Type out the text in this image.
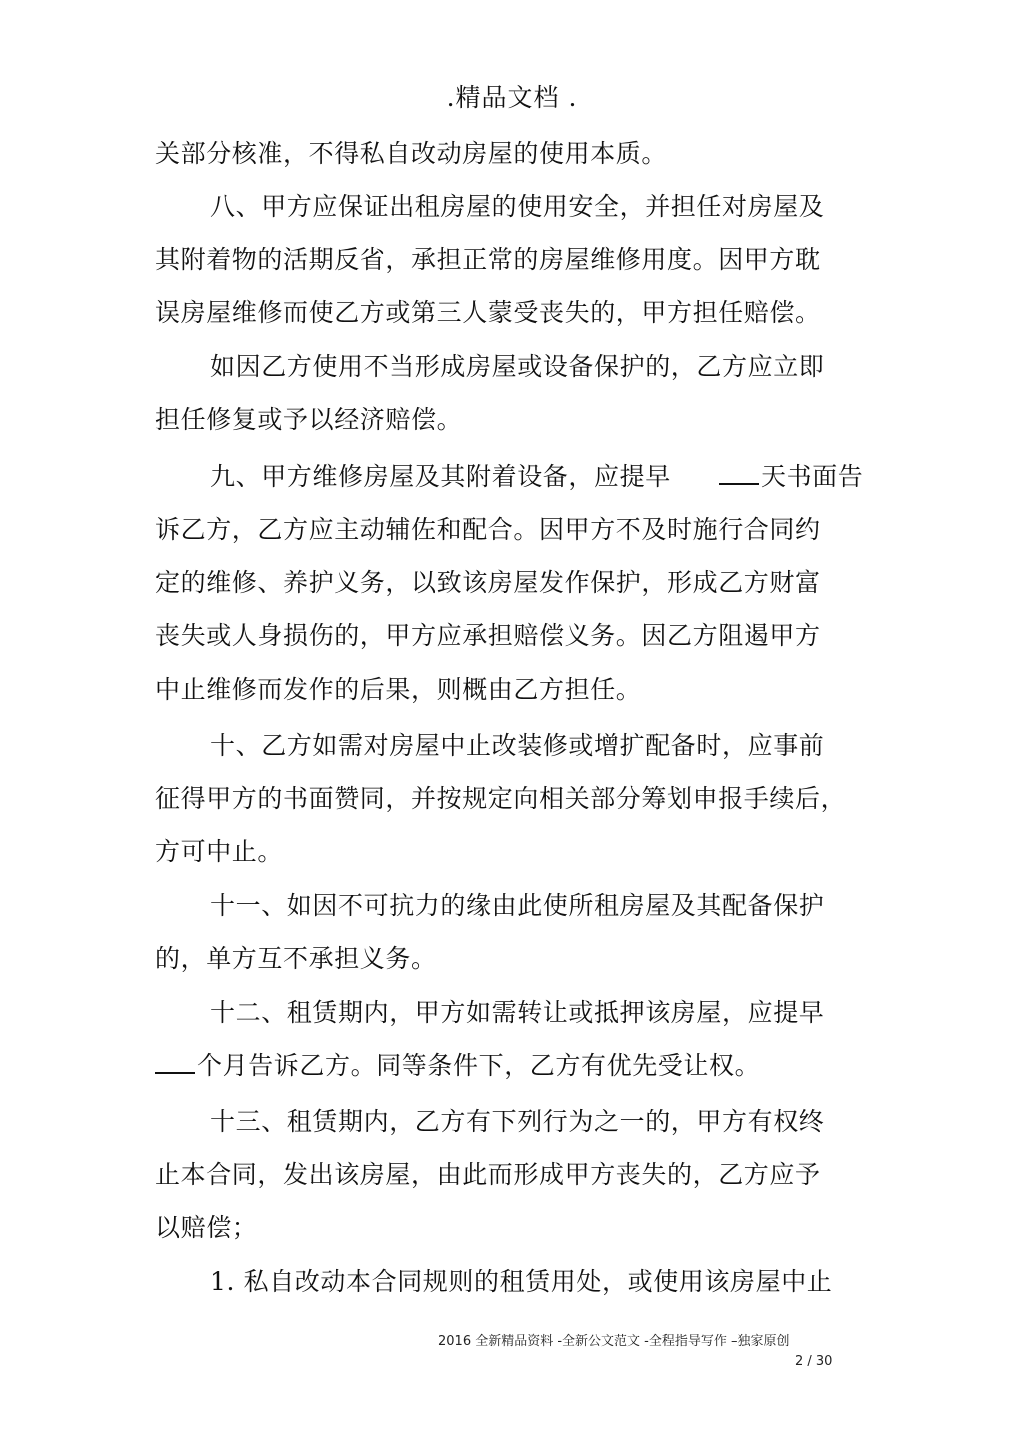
.精品文档 .
关部分核准，不得私自改动房屋的使用本质。
八、甲方应保证出租房屋的使用安全，并担任对房屋及
其附着物的活期反省，承担正常的房屋维修用度。因甲方耽
误房屋维修而使乙方或第三人蒙受丧失的，甲方担任赔偿。
如因乙方使用不当形成房屋或设备保护的，乙方应立即
担任修复或予以经济赔偿。
九、甲方维修房屋及其附着设备，应提早	天书面告
诉乙方，乙方应主动辅佐和配合。因甲方不及时施行合同约
定的维修、养护义务，以致该房屋发作保护，形成乙方财富
丧失或人身损伤的，甲方应承担赔偿义务。因乙方阻遏甲方
中止维修而发作的后果，则概由乙方担任。
十、乙方如需对房屋中止改装修或增扩配备时，应事前
征得甲方的书面赞同，并按规定向相关部分筹划申报手续后，
方可中止。
十一、如因不可抗力的缘由此使所租房屋及其配备保护
的，单方互不承担义务。
十二、租赁期内，甲方如需转让或抵押该房屋，应提早
个月告诉乙方。同等条件下，乙方有优先受让权。
十三、租赁期内，乙方有下列行为之一的，甲方有权终
止本合同，发出该房屋，由此而形成甲方丧失的，乙方应予
以赔偿；
1. 私自改动本合同规则的租赁用处，或使用该房屋中止
2016 全新精品资料 -全新公文范文 -全程指导写作 –独家原创
2 / 30
